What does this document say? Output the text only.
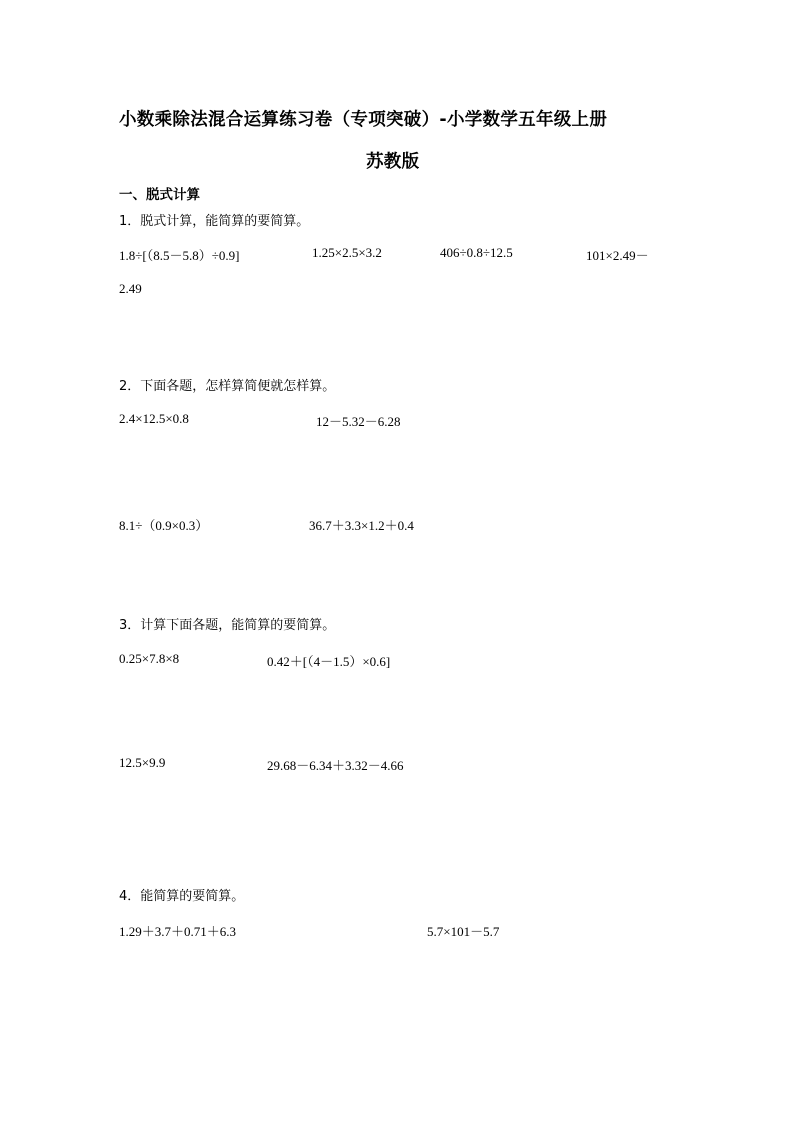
小数乘除法混合运算练习卷（专项突破）-小学数学五年级上册
苏教版
一、脱式计算
1．脱式计算，能简算的要简算。
1.8÷[（8.5－5.8）÷0.9]	1.25×2.5×3.2	406÷0.8÷12.5	101×2.49－
2.49
2．下面各题，怎样算简便就怎样算。
2.4×12.5×0.8	12－5.32－6.28
8.1÷（0.9×0.3）	36.7＋3.3×1.2＋0.4
3．计算下面各题，能简算的要简算。
0.25×7.8×8	0.42＋[（4－1.5）×0.6]
12.5×9.9	29.68－6.34＋3.32－4.66
4．能简算的要简算。
1.29＋3.7＋0.71＋6.3	5.7×101－5.7
